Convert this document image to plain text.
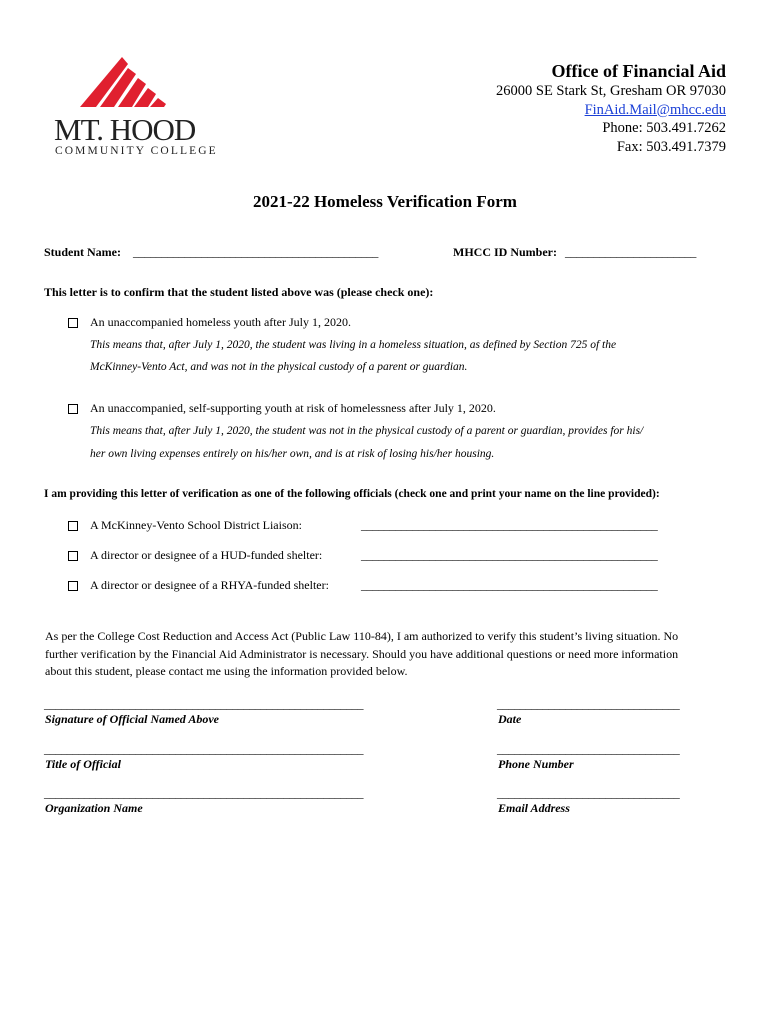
MT. HOOD
COMMUNITY COLLEGE
Office of Financial Aid
26000 SE Stark St, Gresham OR 97030
FinAid.Mail@mhcc.edu
Phone: 503.491.7262
Fax: 503.491.7379
2021-22 Homeless Verification Form
Student Name: ___________________________________________	MHCC ID Number: _______________________
This letter is to confirm that the student listed above was (please check one):
An unaccompanied homeless youth after July 1, 2020.
This means that, after July 1, 2020, the student was living in a homeless situation, as defined by Section 725 of the
McKinney-Vento Act, and was not in the physical custody of a parent or guardian.
An unaccompanied, self-supporting youth at risk of homelessness after July 1, 2020.
This means that, after July 1, 2020, the student was not in the physical custody of a parent or guardian, provides for his/
her own living expenses entirely on his/her own, and is at risk of losing his/her housing.
I am providing this letter of verification as one of the following officials (check one and print your name on the line provided):
A McKinney-Vento School District Liaison:	____________________________________________________
A director or designee of a HUD-funded shelter:	____________________________________________________
A director or designee of a RHYA-funded shelter:	____________________________________________________
As per the College Cost Reduction and Access Act (Public Law 110-84), I am authorized to verify this student’s living situation. No
further verification by the Financial Aid Administrator is necessary. Should you have additional questions or need more information
about this student, please contact me using the information provided below.
________________________________________________________	________________________________
Signature of Official Named Above	Date
________________________________________________________	________________________________
Title of Official	Phone Number
________________________________________________________	________________________________
Organization Name	Email Address
